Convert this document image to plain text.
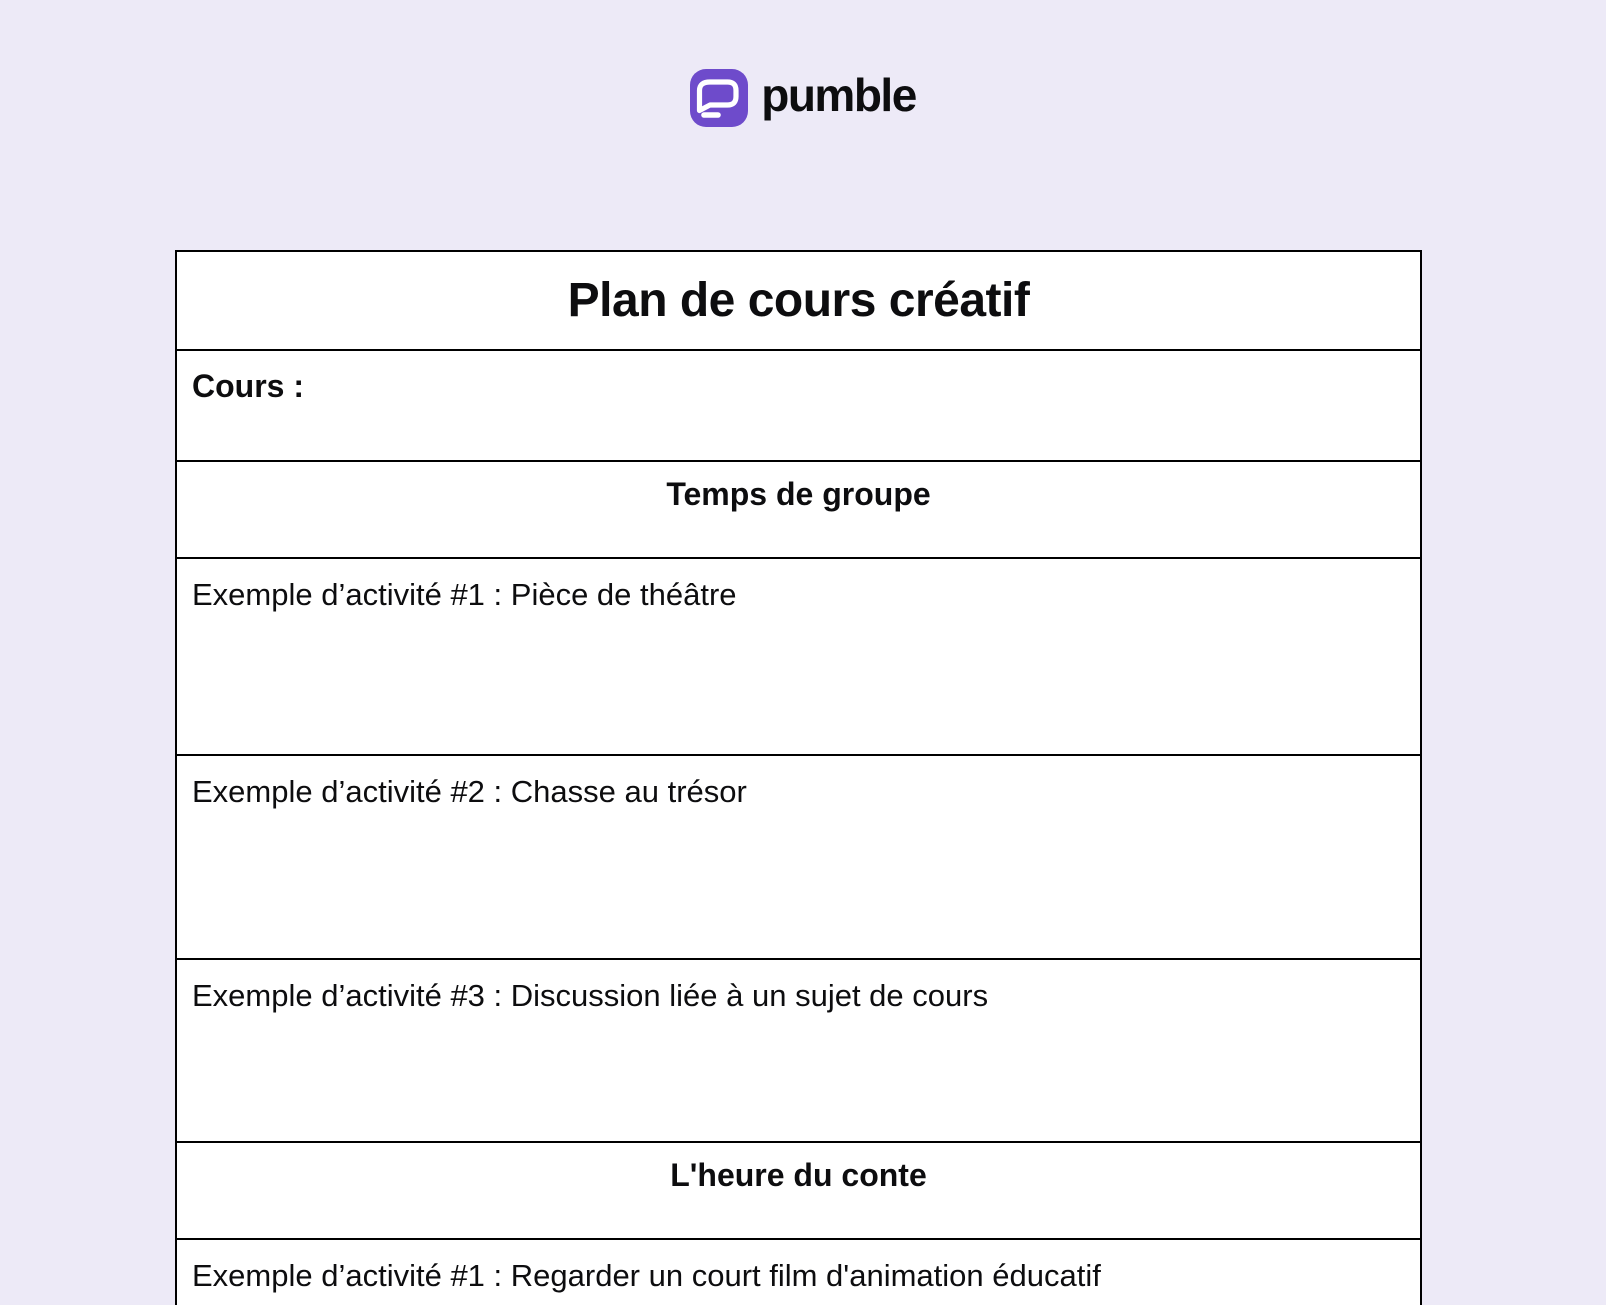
pumble
Plan de cours créatif
Cours :
Temps de groupe
Exemple d’activité #1 : Pièce de théâtre
Exemple d’activité #2 : Chasse au trésor
Exemple d’activité #3 : Discussion liée à un sujet de cours
L'heure du conte
Exemple d’activité #1 : Regarder un court film d'animation éducatif
